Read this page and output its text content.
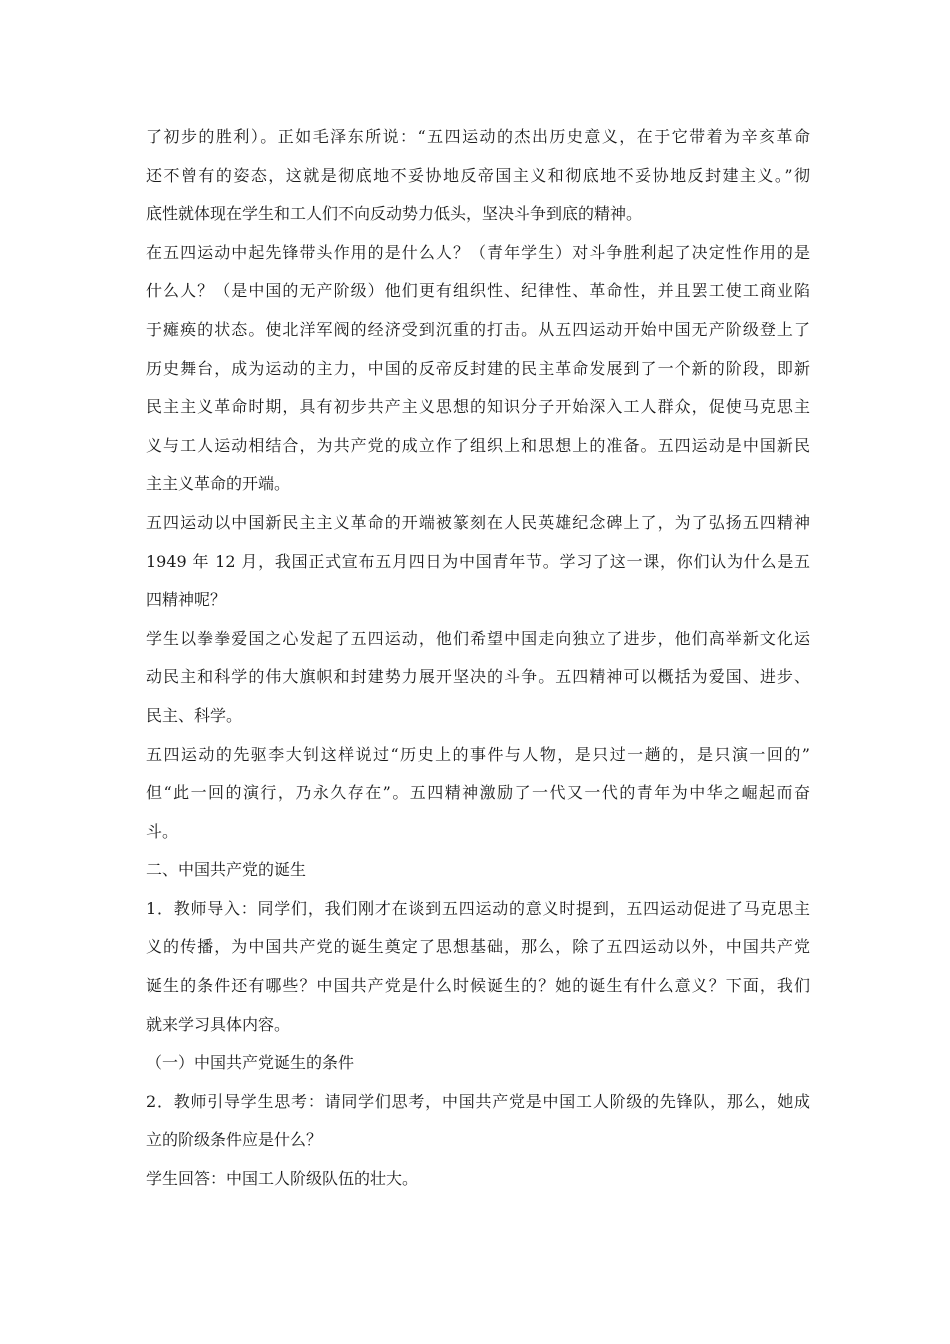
了初步的胜利）。正如毛泽东所说：“五四运动的杰出历史意义，在于它带着为辛亥革命
还不曾有的姿态，这就是彻底地不妥协地反帝国主义和彻底地不妥协地反封建主义。”彻
底性就体现在学生和工人们不向反动势力低头，坚决斗争到底的精神。
在五四运动中起先锋带头作用的是什么人？（青年学生）对斗争胜利起了决定性作用的是
什么人？（是中国的无产阶级）他们更有组织性、纪律性、革命性，并且罢工使工商业陷
于瘫痪的状态。使北洋军阀的经济受到沉重的打击。从五四运动开始中国无产阶级登上了
历史舞台，成为运动的主力，中国的反帝反封建的民主革命发展到了一个新的阶段，即新
民主主义革命时期，具有初步共产主义思想的知识分子开始深入工人群众，促使马克思主
义与工人运动相结合，为共产党的成立作了组织上和思想上的准备。五四运动是中国新民
主主义革命的开端。
五四运动以中国新民主主义革命的开端被篆刻在人民英雄纪念碑上了，为了弘扬五四精神
1949 年 12 月，我国正式宣布五月四日为中国青年节。学习了这一课，你们认为什么是五
四精神呢？
学生以拳拳爱国之心发起了五四运动，他们希望中国走向独立了进步，他们高举新文化运
动民主和科学的伟大旗帜和封建势力展开坚决的斗争。五四精神可以概括为爱国、进步、
民主、科学。
五四运动的先驱李大钊这样说过“历史上的事件与人物，是只过一趟的，是只演一回的”
但“此一回的演行，乃永久存在”。五四精神激励了一代又一代的青年为中华之崛起而奋
斗。
二、中国共产党的诞生
1．教师导入：同学们，我们刚才在谈到五四运动的意义时提到，五四运动促进了马克思主
义的传播，为中国共产党的诞生奠定了思想基础，那么，除了五四运动以外，中国共产党
诞生的条件还有哪些？中国共产党是什么时候诞生的？她的诞生有什么意义？下面，我们
就来学习具体内容。
（一）中国共产党诞生的条件
2．教师引导学生思考：请同学们思考，中国共产党是中国工人阶级的先锋队，那么，她成
立的阶级条件应是什么？
学生回答：中国工人阶级队伍的壮大。
